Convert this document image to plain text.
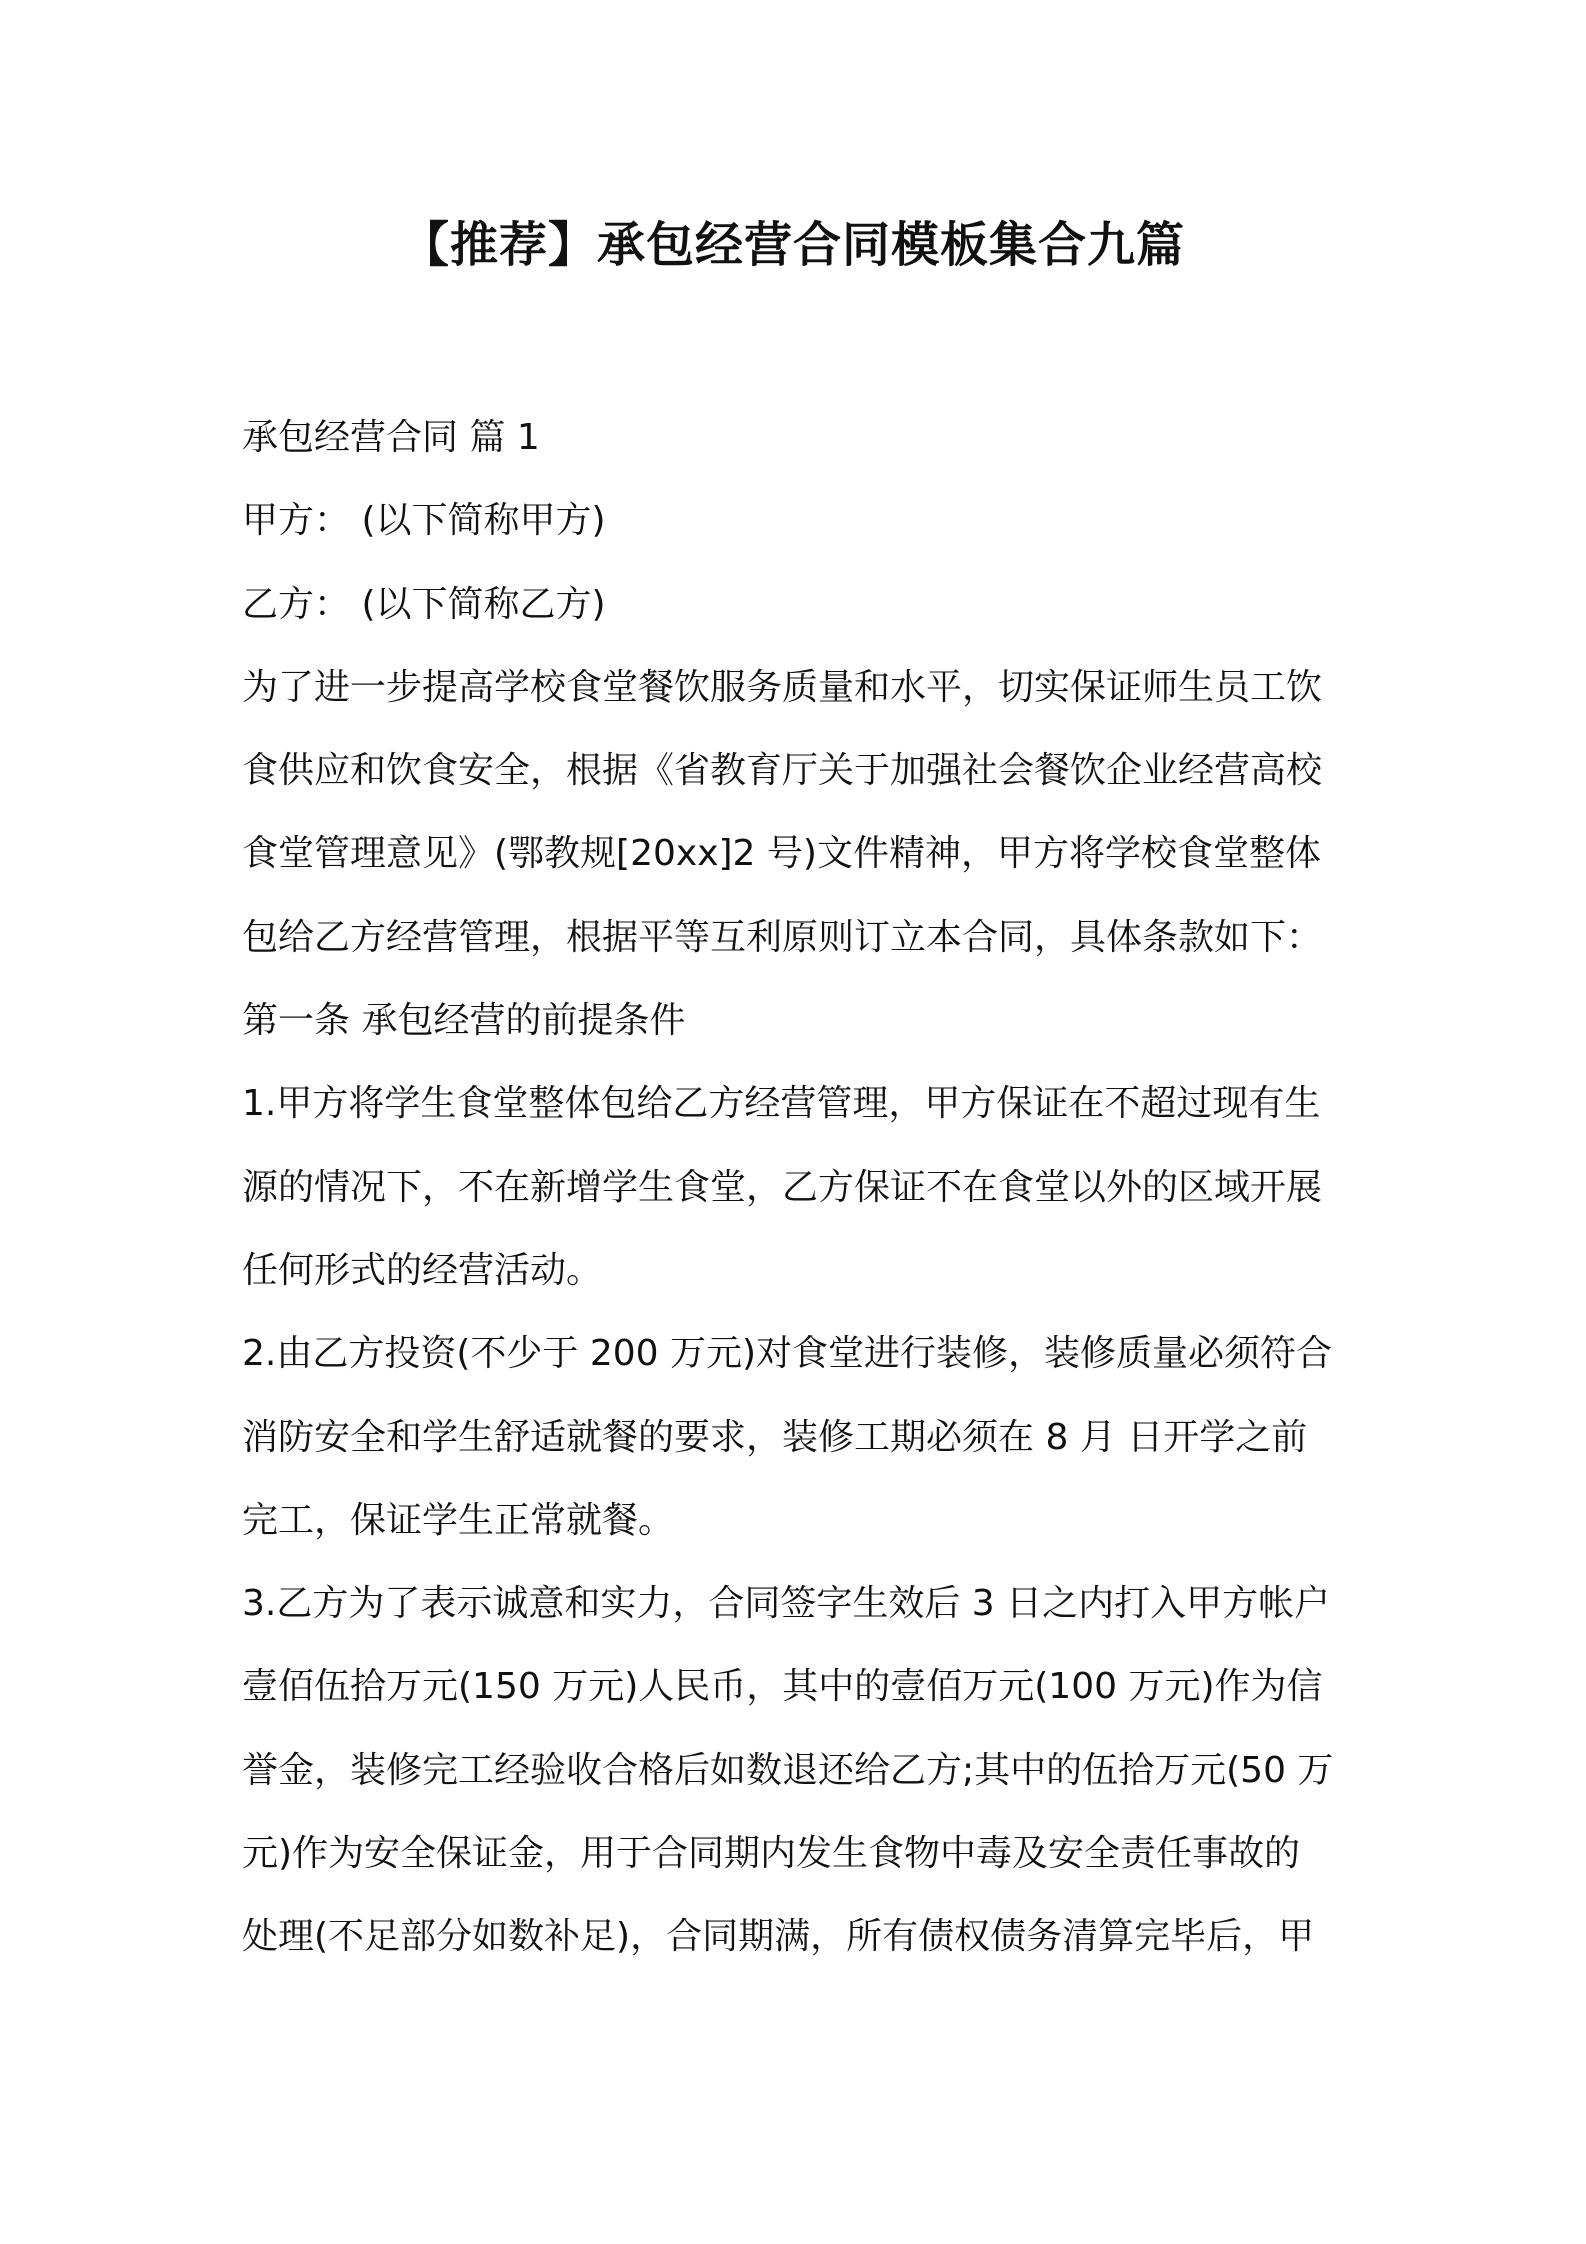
【推荐】承包经营合同模板集合九篇
承包经营合同 篇 1
甲方： (以下简称甲方)
乙方： (以下简称乙方)
为了进一步提高学校食堂餐饮服务质量和水平，切实保证师生员工饮
食供应和饮食安全，根据《省教育厅关于加强社会餐饮企业经营高校
食堂管理意见》(鄂教规[20xx]2 号)文件精神，甲方将学校食堂整体
包给乙方经营管理，根据平等互利原则订立本合同，具体条款如下：
第一条 承包经营的前提条件
1.甲方将学生食堂整体包给乙方经营管理，甲方保证在不超过现有生
源的情况下，不在新增学生食堂，乙方保证不在食堂以外的区域开展
任何形式的经营活动。
2.由乙方投资(不少于 200 万元)对食堂进行装修，装修质量必须符合
消防安全和学生舒适就餐的要求，装修工期必须在 8 月 日开学之前
完工，保证学生正常就餐。
3.乙方为了表示诚意和实力，合同签字生效后 3 日之内打入甲方帐户
壹佰伍拾万元(150 万元)人民币，其中的壹佰万元(100 万元)作为信
誉金，装修完工经验收合格后如数退还给乙方;其中的伍拾万元(50 万
元)作为安全保证金，用于合同期内发生食物中毒及安全责任事故的
处理(不足部分如数补足)，合同期满，所有债权债务清算完毕后，甲
